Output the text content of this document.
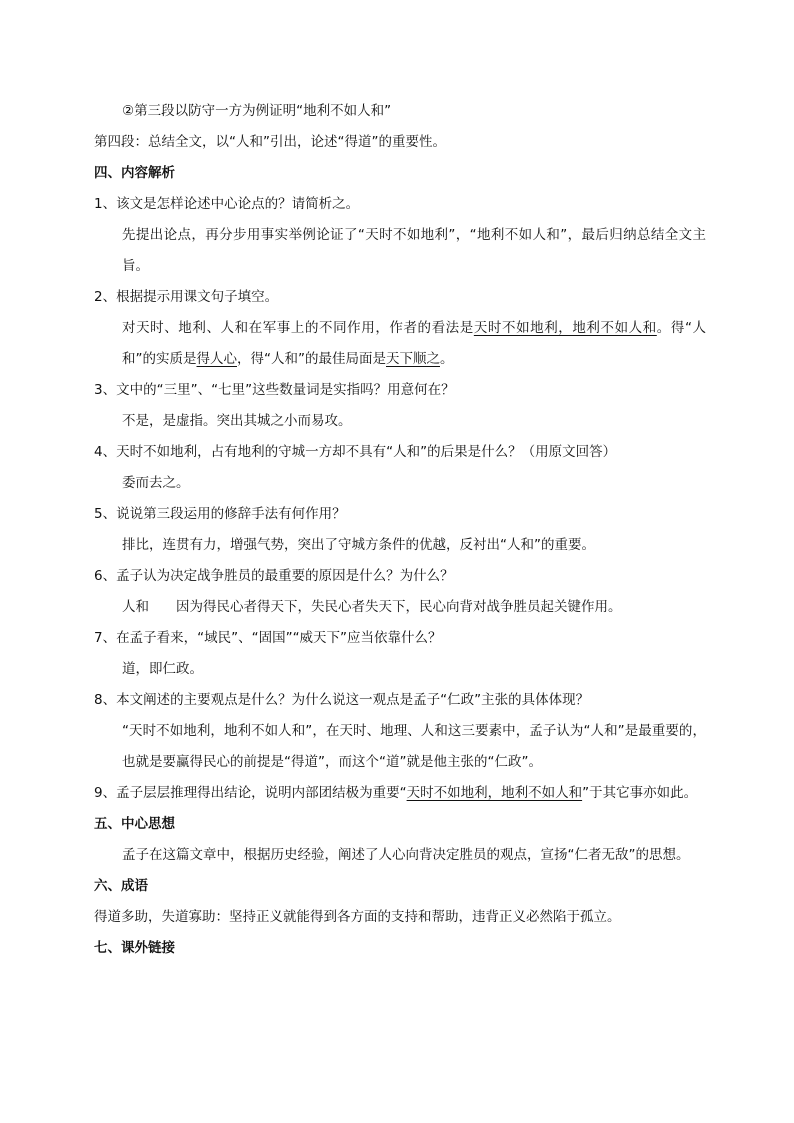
②第三段以防守一方为例证明“地利不如人和”
第四段：总结全文，以“人和”引出，论述“得道”的重要性。
四、内容解析
1、该文是怎样论述中心论点的？请简析之。
先提出论点，再分步用事实举例论证了“天时不如地利”，“地利不如人和”，最后归纳总结全文主旨。
2、根据提示用课文句子填空。
对天时、地利、人和在军事上的不同作用，作者的看法是天时不如地利，地利不如人和。得“人和”的实质是得人心，得“人和”的最佳局面是天下顺之。
3、文中的“三里”、“七里”这些数量词是实指吗？用意何在？
不是，是虚指。突出其城之小而易攻。
4、天时不如地利，占有地利的守城一方却不具有“人和”的后果是什么？（用原文回答）
委而去之。
5、说说第三段运用的修辞手法有何作用？
排比，连贯有力，增强气势，突出了守城方条件的优越，反衬出“人和”的重要。
6、孟子认为决定战争胜员的最重要的原因是什么？为什么？
人和　　因为得民心者得天下，失民心者失天下，民心向背对战争胜员起关键作用。
7、在孟子看来，“域民”、“固国”“威天下”应当依靠什么？
道，即仁政。
8、本文阐述的主要观点是什么？为什么说这一观点是孟子“仁政”主张的具体体现？
“天时不如地利，地利不如人和”，在天时、地理、人和这三要素中，孟子认为“人和”是最重要的，也就是要赢得民心的前提是“得道”，而这个“道”就是他主张的“仁政”。
9、孟子层层推理得出结论，说明内部团结极为重要“天时不如地利，地利不如人和”于其它事亦如此。
五、中心思想
孟子在这篇文章中，根据历史经验，阐述了人心向背决定胜员的观点，宣扬“仁者无敌”的思想。
六、成语
得道多助，失道寡助：坚持正义就能得到各方面的支持和帮助，违背正义必然陷于孤立。
七、课外链接
